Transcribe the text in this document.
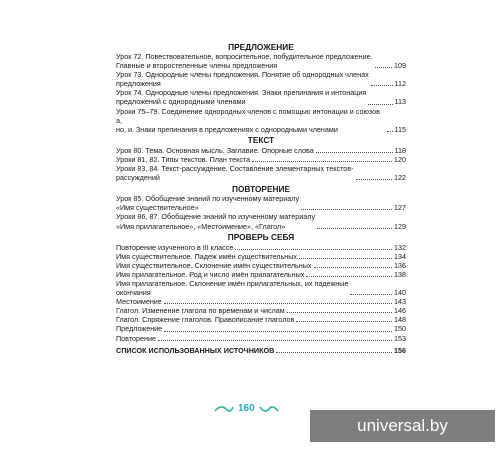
ПРЕДЛОЖЕНИЕ
Урок 72. Повествовательное, вопросительное, побудительное предложение.
Главные и второстепенные члены предложения	109
Урок 73. Однородные члены предложения. Понятие об однородных членах
предложения	112
Урок 74. Однородные члены предложения. Знаки препинания и интонация
предложений с однородными членами	113
Уроки 75–79. Соединение однородных членов с помощью интонации и союзов а,
но, и. Знаки препинания в предложениях с однородными членами	115
ТЕКСТ
Урок 80. Тема. Основная мысль. Заглавие. Опорные слова	118
Уроки 81, 82. Типы текстов. План текста	120
Уроки 83, 84. Текст-рассуждение. Составление элементарных текстов-
рассуждений	122
ПОВТОРЕНИЕ
Урок 85. Обобщение знаний по изученному материалу
«Имя существительное»	127
Уроки 86, 87. Обобщение знаний по изученному материалу
«Имя прилагательное», «Местоимение», «Глагол»	129
ПРОВЕРЬ СЕБЯ
Повторение изученного в III классе	132
Имя существительное. Падеж имён существительных	134
Имя существительное. Склонение имён существительных	136
Имя прилагательное. Род и число имён прилагательных	138
Имя прилагательное. Склонение имён прилагательных, их падежные
окончания	140
Местоимение	143
Глагол. Изменение глагола по временам и числам	146
Глагол. Спряжение глаголов. Правописание глаголов	148
Предложение	150
Повторение	153
СПИСОК ИСПОЛЬЗОВАННЫХ ИСТОЧНИКОВ	156
160
universal.by
